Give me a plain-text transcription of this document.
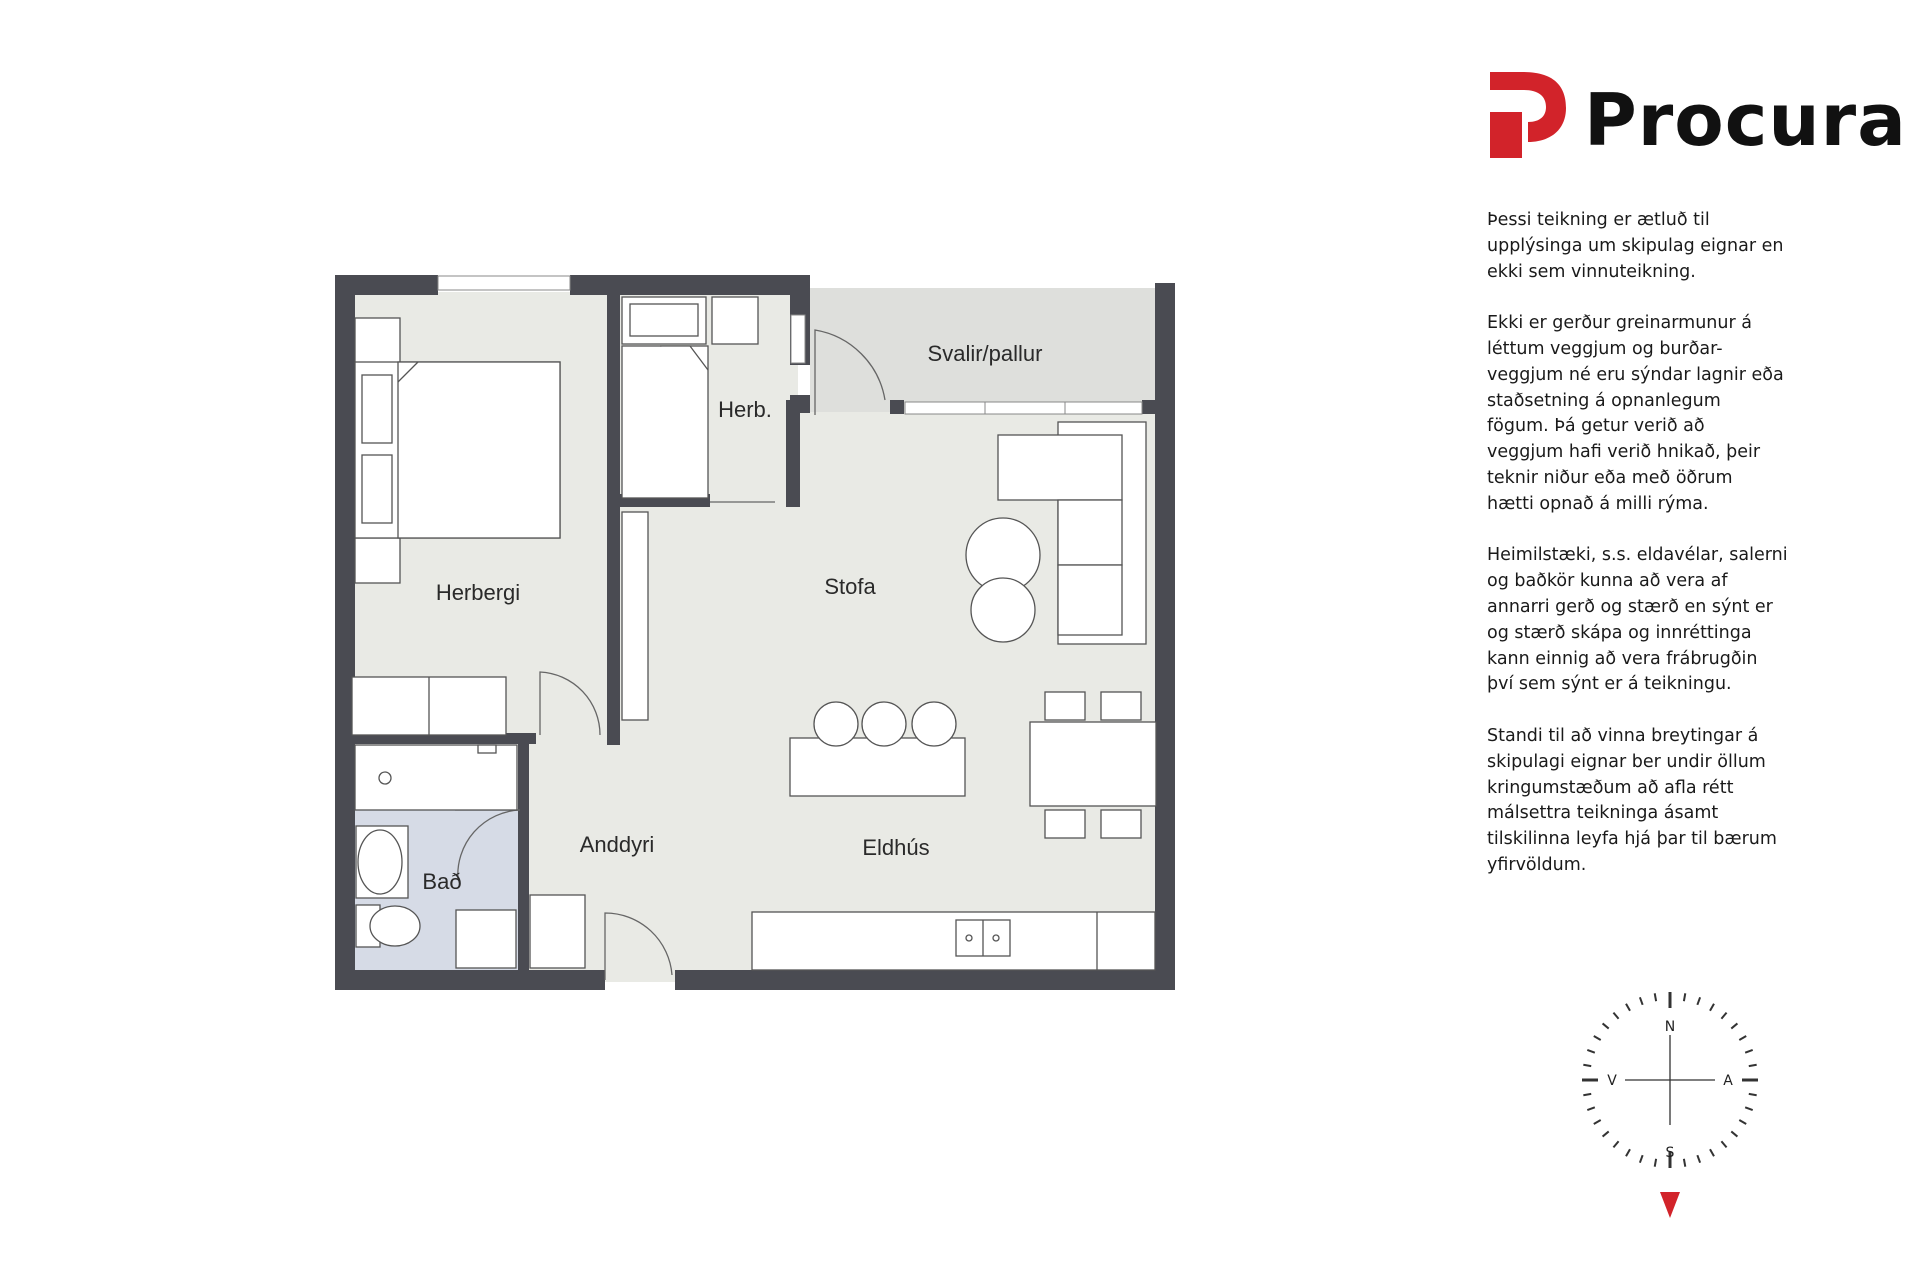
Herbergi
Herb.
Svalir/pallur
Stofa
Anddyri
Bað
Eldhús
Procura

Þessi teikning er ætluð til
upplýsinga um skipulag eignar en
ekki sem vinnuteikning.

Ekki er gerður greinarmunur á
léttum veggjum og burðar-
veggjum né eru sýndar lagnir eða
staðsetning á opnanlegum
fögum. Þá getur verið að
veggjum hafi verið hnikað, þeir
teknir niður eða með öðrum
hætti opnað á milli rýma.

Heimilstæki, s.s. eldavélar, salerni
og baðkör kunna að vera af
annarri gerð og stærð en sýnt er
og stærð skápa og innréttinga
kann einnig að vera frábrugðin
því sem sýnt er á teikningu.

Standi til að vinna breytingar á
skipulagi eignar ber undir öllum
kringumstæðum að afla rétt
málsettra teikninga ásamt
tilskilinna leyfa hjá þar til bærum
yfirvöldum.

N
A
S
V
